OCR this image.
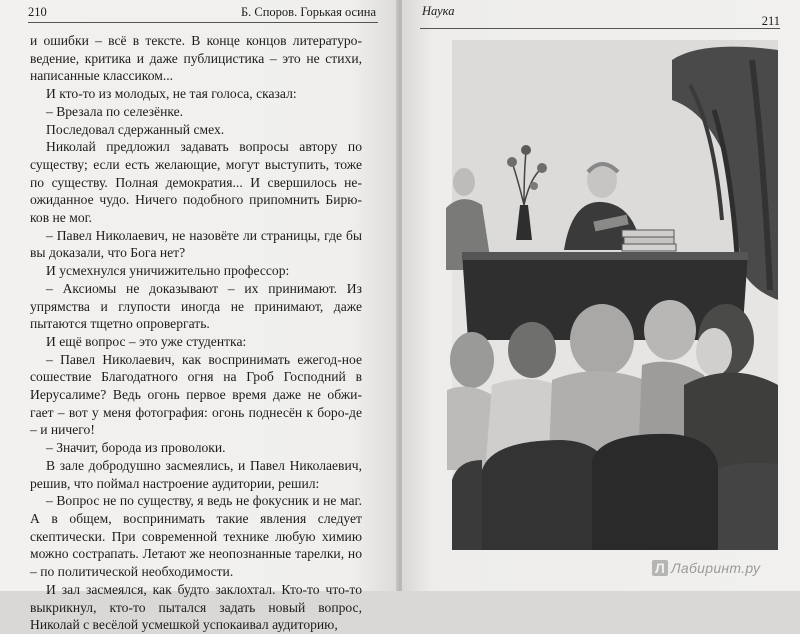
210	Б. Споров. Горькая осина

и ошибки – всё в тексте. В конце концов литературо-ведение, критика и даже публицистика – это не стихи, написанные классиком...

И кто-то из молодых, не тая голоса, сказал:

– Врезала по селезёнке.

Последовал сдержанный смех.

Николай предложил задавать вопросы автору по существу; если есть желающие, могут выступить, тоже по существу. Полная демократия... И свершилось не-ожиданное чудо. Ничего подобного припомнить Бирю-ков не мог.

– Павел Николаевич, не назовёте ли страницы, где бы вы доказали, что Бога нет?

И усмехнулся уничижительно профессор:

– Аксиомы не доказывают – их принимают. Из упрямства и глупости иногда не принимают, даже пытаются тщетно опровергать.

И ещё вопрос – это уже студентка:

– Павел Николаевич, как воспринимать ежегод-ное сошествие Благодатного огня на Гроб Господний в Иерусалиме? Ведь огонь первое время даже не обжи-гает – вот у меня фотография: огонь поднесён к боро-де – и ничего!

– Значит, борода из проволоки.

В зале добродушно засмеялись, и Павел Николаевич, решив, что поймал настроение аудитории, решил:

– Вопрос не по существу, я ведь не фокусник и не маг. А в общем, воспринимать такие явления следует скептически. При современной технике любую химию можно сострапать. Летают же неопознанные тарелки, но – по политической необходимости.

И зал засмеялся, как будто заклохтал. Кто-то что-то выкрикнул, кто-то пытался задать новый вопрос, Николай с весёлой усмешкой успокаивал аудиторию,

Наука
211
Л Лабиринт.ру
